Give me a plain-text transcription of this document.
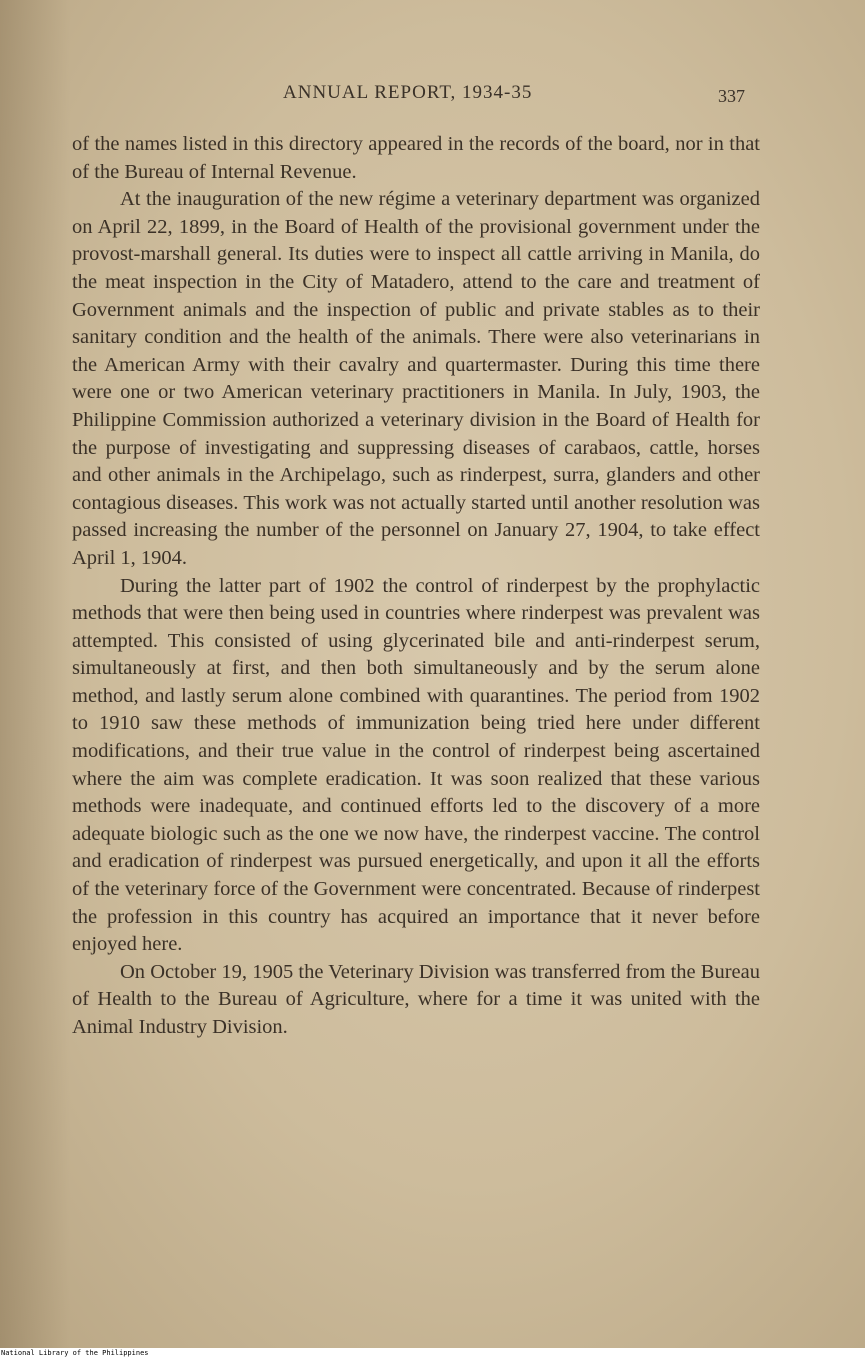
ANNUAL REPORT, 1934-35	337

of the names listed in this directory appeared in the records of the board, nor in that of the Bureau of Internal Revenue.

At the inauguration of the new régime a veterinary department was organized on April 22, 1899, in the Board of Health of the provisional government under the provost-marshall general. Its duties were to inspect all cattle arriving in Manila, do the meat inspection in the City of Matadero, attend to the care and treatment of Government animals and the inspection of public and private stables as to their sanitary condition and the health of the animals. There were also veterinarians in the American Army with their cavalry and quartermaster. During this time there were one or two American veterinary practitioners in Manila. In July, 1903, the Philippine Commission authorized a veterinary division in the Board of Health for the purpose of investigating and suppressing diseases of carabaos, cattle, horses and other animals in the Archipelago, such as rinderpest, surra, glanders and other contagious diseases. This work was not actually started until another resolution was passed increasing the number of the personnel on January 27, 1904, to take effect April 1, 1904.

During the latter part of 1902 the control of rinderpest by the prophylactic methods that were then being used in countries where rinderpest was prevalent was attempted. This consisted of using glycerinated bile and anti-rinderpest serum, simultaneously at first, and then both simultaneously and by the serum alone method, and lastly serum alone combined with quarantines. The period from 1902 to 1910 saw these methods of immunization being tried here under different modifications, and their true value in the control of rinderpest being ascertained where the aim was complete eradication. It was soon realized that these various methods were inadequate, and continued efforts led to the discovery of a more adequate biologic such as the one we now have, the rinderpest vaccine. The control and eradication of rinderpest was pursued energetically, and upon it all the efforts of the veterinary force of the Government were concentrated. Because of rinderpest the profession in this country has acquired an importance that it never before enjoyed here.

On October 19, 1905 the Veterinary Division was transferred from the Bureau of Health to the Bureau of Agriculture, where for a time it was united with the Animal Industry Division.

National Library of the Philippines
